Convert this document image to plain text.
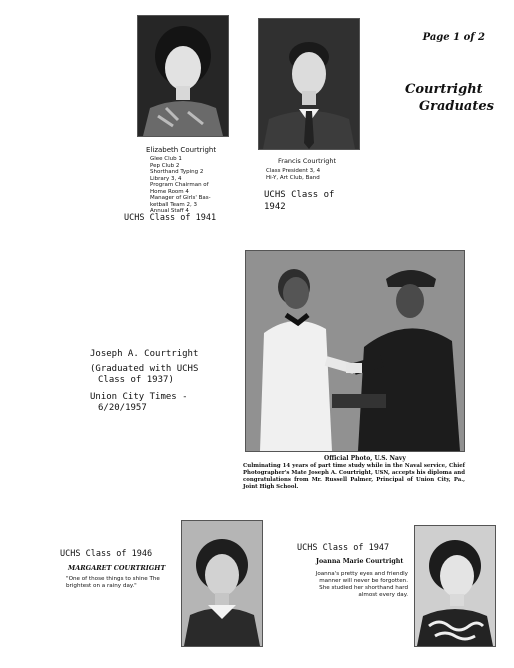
Page 1 of 2
Courtright
Graduates
Elizabeth Courtright
Glee Club 1
Pep Club 2
Shorthand Typing 2
Library 3, 4
Program Chairman of
Home Room 4
Manager of Girls' Bas-
ketball Team 2, 3
Annual Staff 4
UCHS Class of 1941
Francis Courtright
Class President 3, 4
Hi-Y, Art Club, Band
UCHS Class of
1942
Joseph A. Courtright
(Graduated with UCHS
Class of 1937)
Union City Times -
6/20/1957
Official Photo, U.S. Navy
Culminating 14 years of part time study while in the Naval service, Chief Photographer's Mate Joseph A. Courtright, USN, accepts his diploma and congratulations from Mr. Russell Palmer, Principal of Union City, Pa., Joint High School.
UCHS Class of 1946
MARGARET COURTRIGHT
"One of those things to shine The brightest on a rainy day."
UCHS Class of 1947
Joanna Marie Courtright
Joanna's pretty eyes and friendly manner will never be forgotten. She studied her shorthand hard almost every day.
